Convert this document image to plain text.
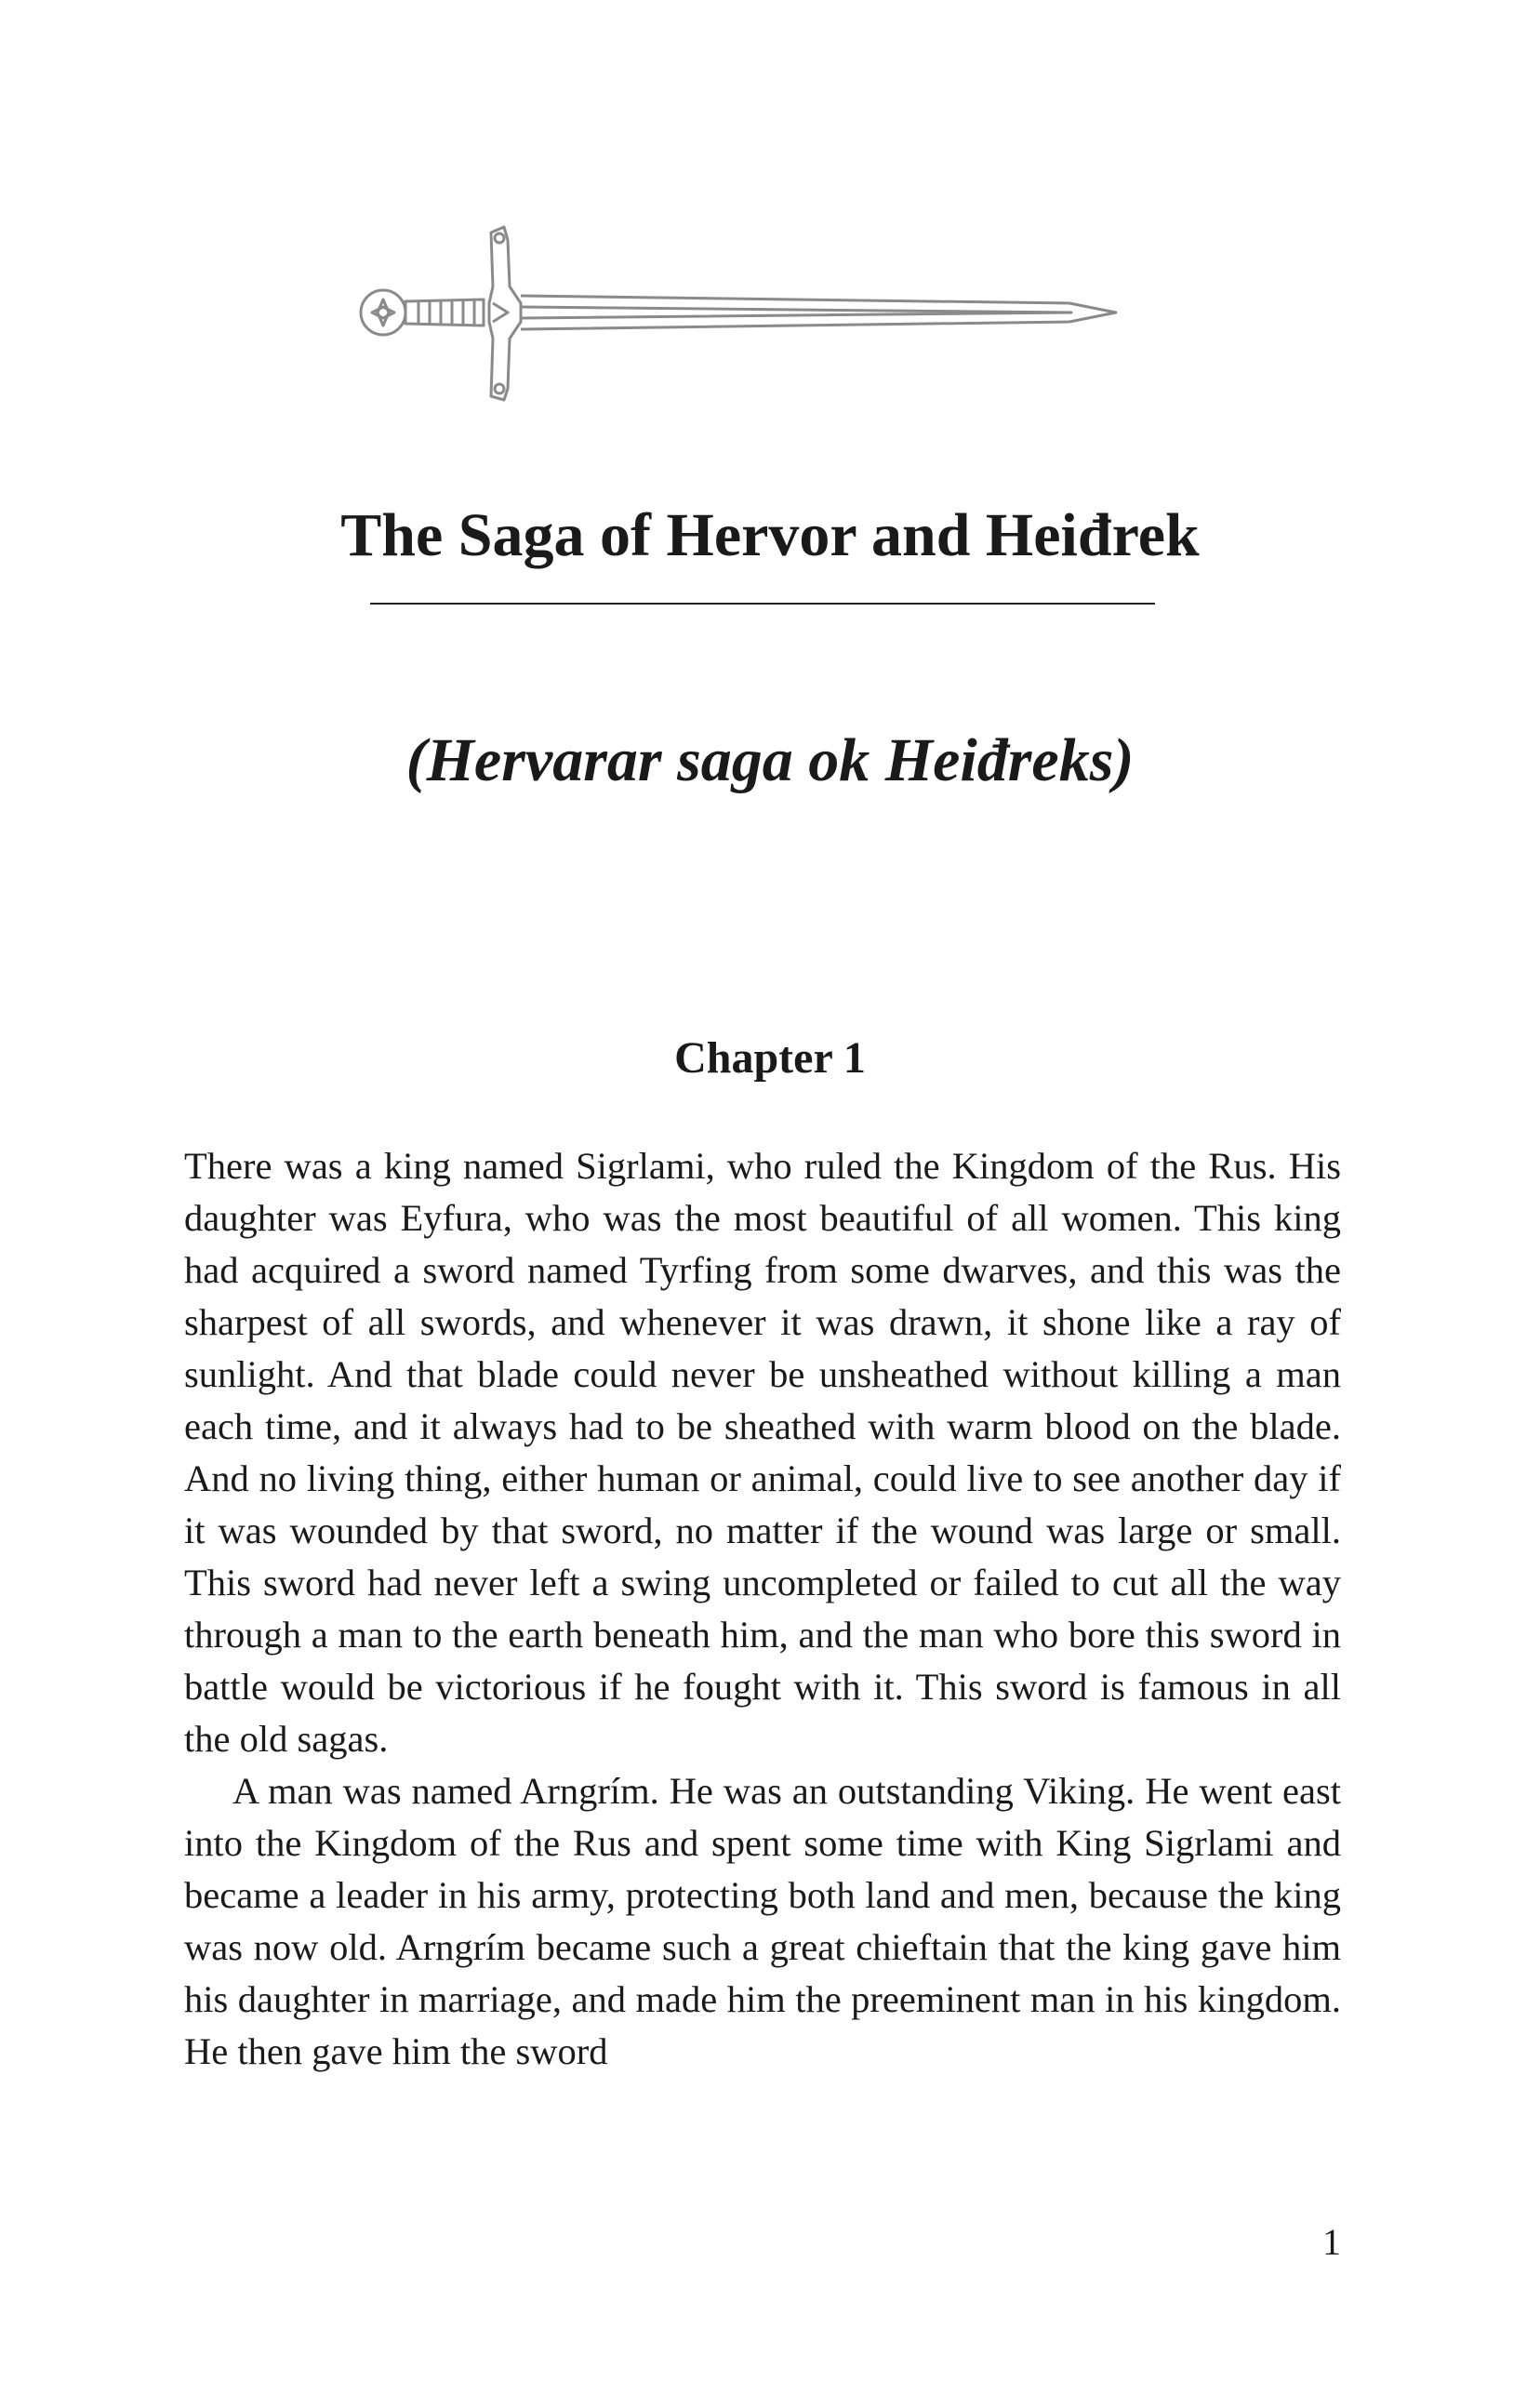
The Saga of Hervor and Heiđrek
(Hervarar saga ok Heiđreks)
Chapter 1

There was a king named Sigrlami, who ruled the Kingdom of the Rus. His daughter was Eyfura, who was the most beautiful of all women. This king had acquired a sword named Tyrfing from some dwarves, and this was the sharpest of all swords, and whenever it was drawn, it shone like a ray of sunlight. And that blade could never be unsheathed without killing a man each time, and it always had to be sheathed with warm blood on the blade. And no living thing, either human or animal, could live to see another day if it was wounded by that sword, no matter if the wound was large or small. This sword had never left a swing uncompleted or failed to cut all the way through a man to the earth beneath him, and the man who bore this sword in battle would be victorious if he fought with it. This sword is famous in all the old sagas.

A man was named Arngrím. He was an outstanding Viking. He went east into the Kingdom of the Rus and spent some time with King Sigrlami and became a leader in his army, protecting both land and men, because the king was now old. Arngrím became such a great chieftain that the king gave him his daughter in marriage, and made him the preeminent man in his kingdom. He then gave him the sword

1
